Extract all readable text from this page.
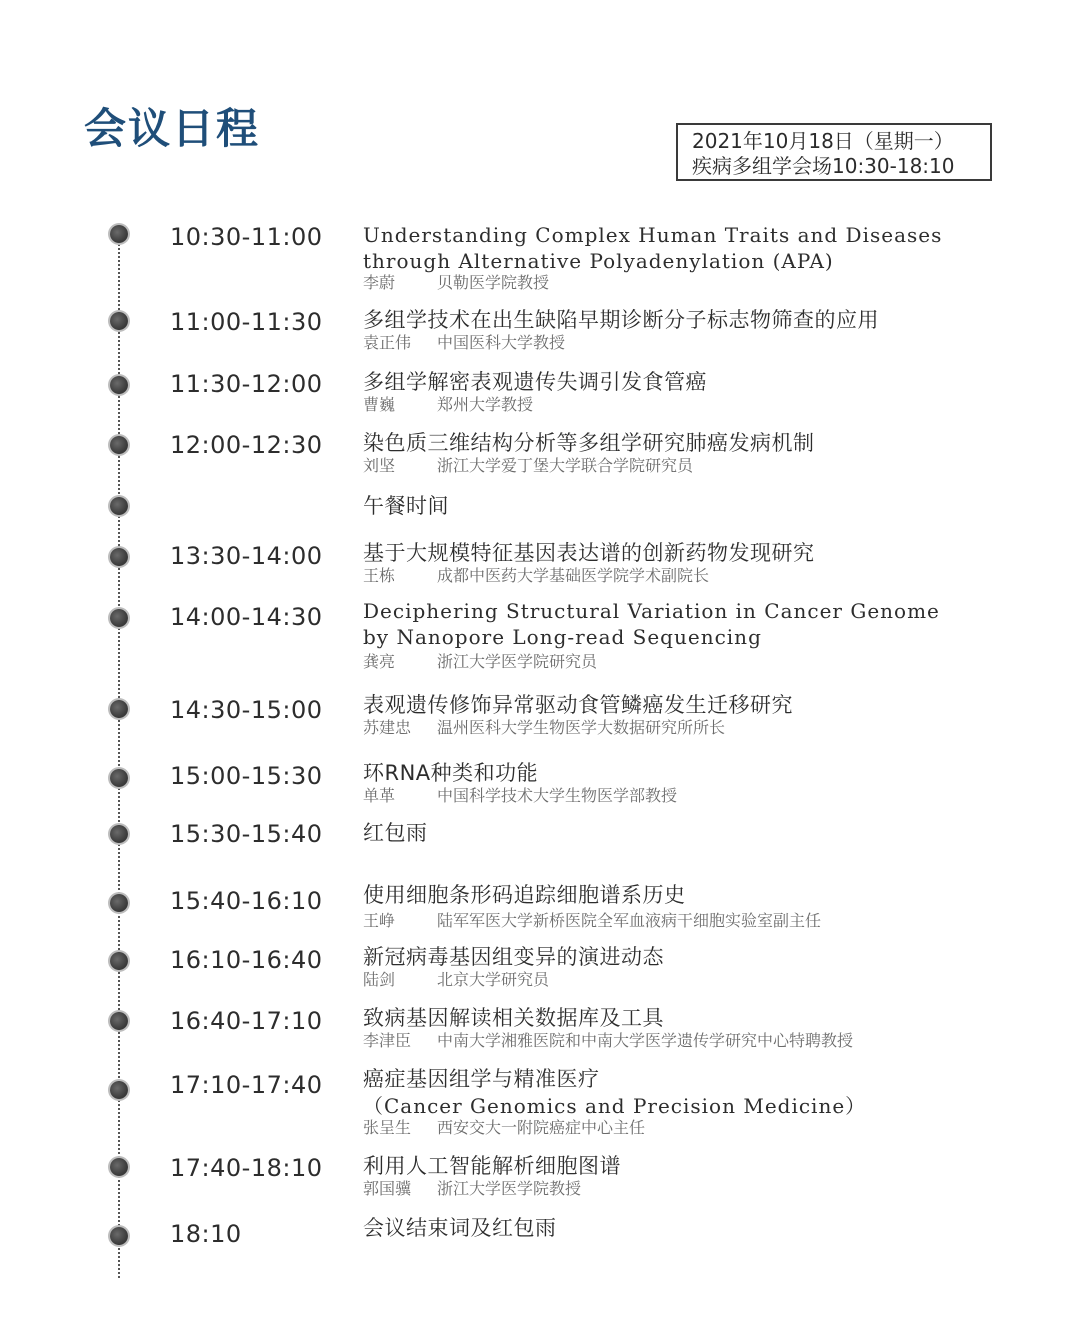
会议日程	2021年10月18日（星期一）
疾病多组学会场10:30-18:10
10:30-11:00 Understanding Complex Human Traits and Diseases
through Alternative Polyadenylation (APA)
李蔚	贝勒医学院教授
11:00-11:30 多组学技术在出生缺陷早期诊断分子标志物筛查的应用
袁正伟 中国医科大学教授
11:30-12:00 多组学解密表观遗传失调引发食管癌
曹巍	郑州大学教授
12:00-12:30 染色质三维结构分析等多组学研究肺癌发病机制
刘坚	浙江大学爱丁堡大学联合学院研究员
午餐时间
13:30-14:00 基于大规模特征基因表达谱的创新药物发现研究
王栋	成都中医药大学基础医学院学术副院长
14:00-14:30 Deciphering Structural Variation in Cancer Genome
by Nanopore Long-read Sequencing
龚亮	浙江大学医学院研究员
14:30-15:00 表观遗传修饰异常驱动食管鳞癌发生迁移研究
苏建忠 温州医科大学生物医学大数据研究所所长
15:00-15:30 环RNA种类和功能
单革	中国科学技术大学生物医学部教授
15:30-15:40 红包雨
15:40-16:10 使用细胞条形码追踪细胞谱系历史
王峥	陆军军医大学新桥医院全军血液病干细胞实验室副主任
16:10-16:40 新冠病毒基因组变异的演进动态
陆剑	北京大学研究员
16:40-17:10 致病基因解读相关数据库及工具
李津臣 中南大学湘雅医院和中南大学医学遗传学研究中心特聘教授
17:10-17:40 癌症基因组学与精准医疗
（Cancer Genomics and Precision Medicine）
张呈生 西安交大一附院癌症中心主任
17:40-18:10 利用人工智能解析细胞图谱
郭国骥 浙江大学医学院教授
18:10	会议结束词及红包雨
